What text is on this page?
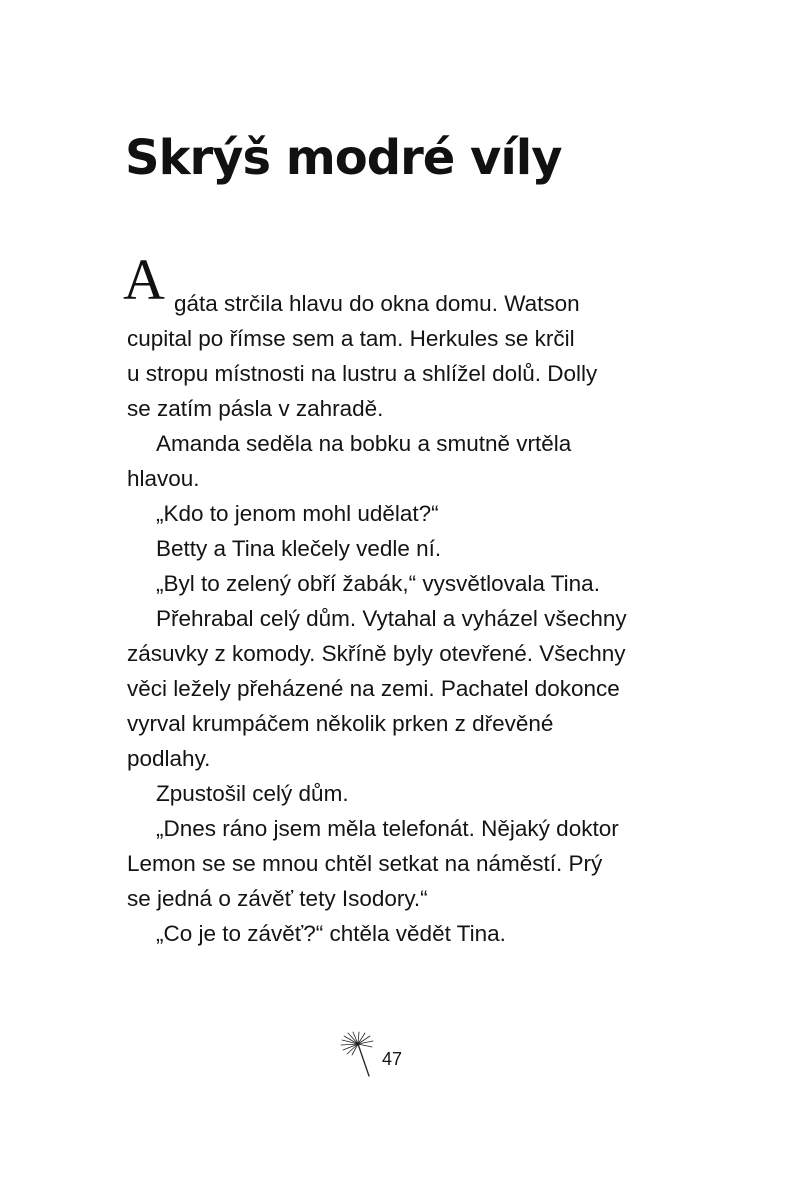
Skrýš modré víly
A gáta strčila hlavu do okna domu. Watson
cupital po římse sem a tam. Herkules se krčil
u stropu místnosti na lustru a shlížel dolů. Dolly
se zatím pásla v zahradě.
Amanda seděla na bobku a smutně vrtěla
hlavou.
„Kdo to jenom mohl udělat?“
Betty a Tina klečely vedle ní.
„Byl to zelený obří žabák,“ vysvětlovala Tina.
Přehrabal celý dům. Vytahal a vyházel všechny
zásuvky z komody. Skříně byly otevřené. Všechny
věci ležely přeházené na zemi. Pachatel dokonce
vyrval krumpáčem několik prken z dřevěné
podlahy.
Zpustošil celý dům.
„Dnes ráno jsem měla telefonát. Nějaký doktor
Lemon se se mnou chtěl setkat na náměstí. Prý
se jedná o závěť tety Isodory.“
„Co je to závěť?“ chtěla vědět Tina.
47
